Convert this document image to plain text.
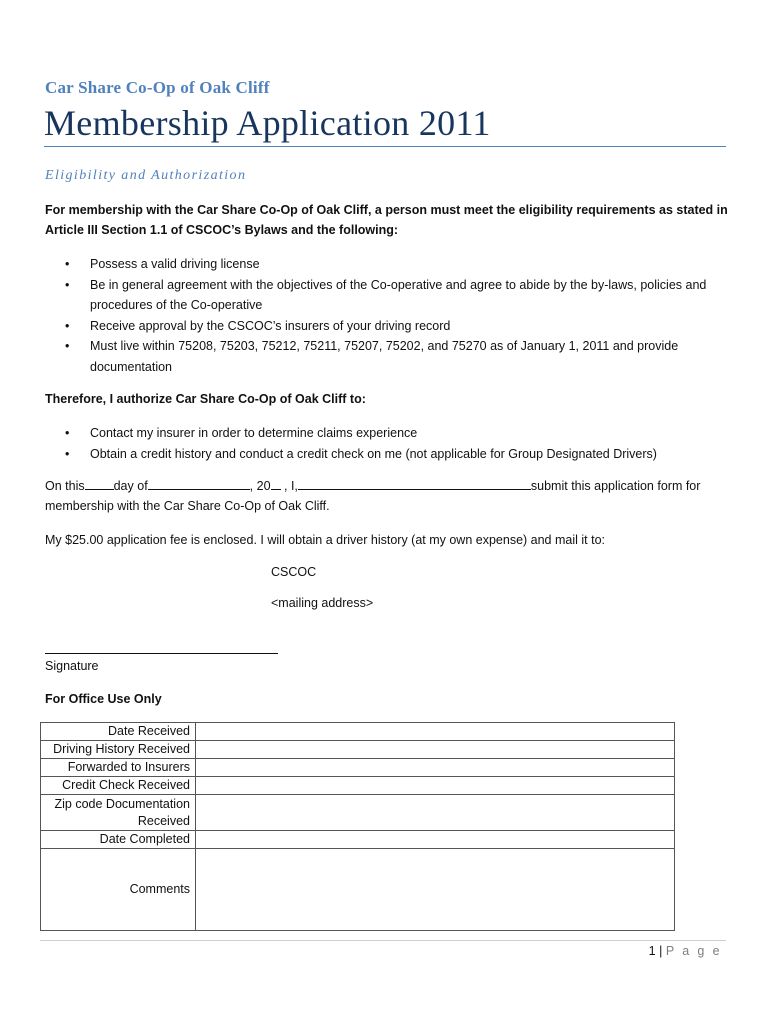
Car Share Co-Op of Oak Cliff
Membership Application 2011
Eligibility and Authorization
For membership with the Car Share Co-Op of Oak Cliff, a person must meet the eligibility requirements as stated in
Article III Section 1.1 of CSCOC’s Bylaws and the following:
• Possess a valid driving license
• Be in general agreement with the objectives of the Co-operative and agree to abide by the by-laws, policies and procedures of the Co-operative
• Receive approval by the CSCOC’s insurers of your driving record
• Must live within 75208, 75203, 75212, 75211, 75207, 75202, and 75270 as of January 1, 2011 and provide documentation
Therefore, I authorize Car Share Co-Op of Oak Cliff to:
• Contact my insurer in order to determine claims experience
• Obtain a credit history and conduct a credit check on me (not applicable for Group Designated Drivers)
On this day of	, 20 , I,	submit this application form for
membership with the Car Share Co-Op of Oak Cliff.
My $25.00 application fee is enclosed. I will obtain a driver history (at my own expense) and mail it to:
CSCOC
<mailing address>
Signature
For Office Use Only
Date Received	
Driving History Received	
Forwarded to Insurers	
Credit Check Received	
Zip code Documentation Received	
Date Completed	
Comments	
1 | P a g e
